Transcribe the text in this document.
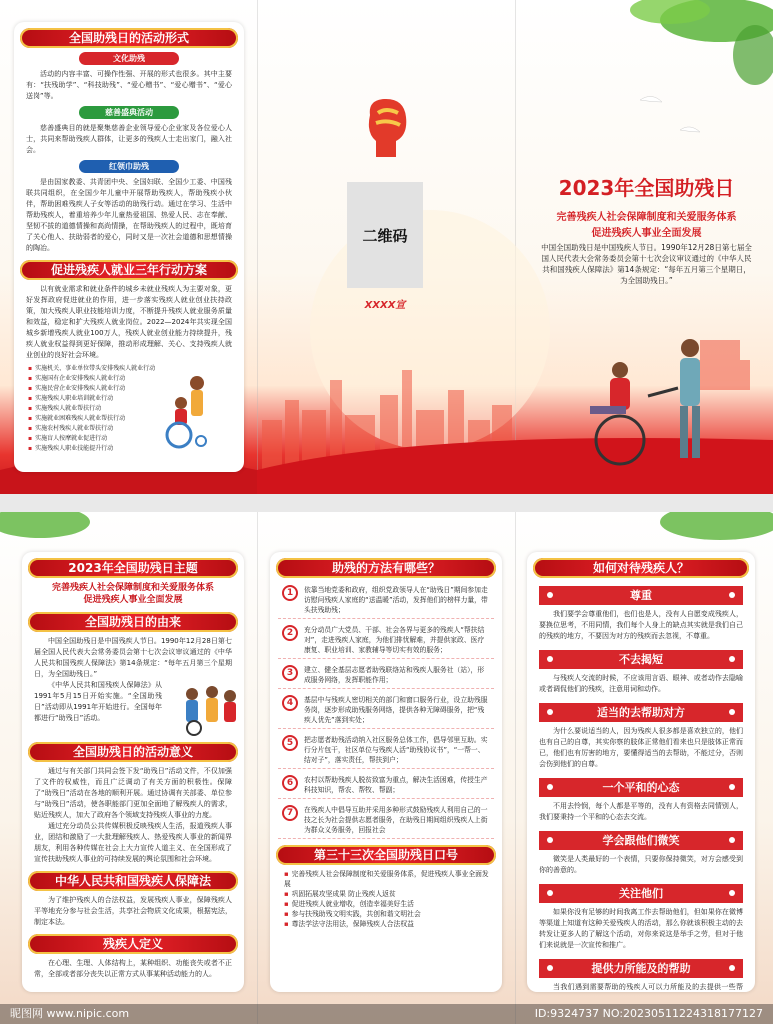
全国助残日的活动形式
文化助残

活动的内容丰富、可操作性强、开展的形式也很多。其中主要有：“扶残助学”、“科技助残”、“爱心赠书”、“爱心赠书”、“爱心送岗”等。

慈善盛典活动

慈善盛典目的就是聚集慈善企业领导爱心企业家及各位爱心人士，共同来帮助残疾人群体，让更多的残疾人士走出家门，融入社会。

红领巾助残

是由国家教委、共青团中央、全国妇联、全国少工委、中国残联共同组织，在全国少年儿童中开展帮助残疾人，帮助残疾小伙伴，帮助困难残疾人子女等活动的助残行动。通过在学习、生活中帮助残疾人，着重培养少年儿童热爱祖国、热爱人民、志在奉献、坚韧不拔的道德情操和高尚情操，在帮助残疾人的过程中，既培育了关心他人、扶助弱者的爱心，同时又是一次社会道德和思想情操的陶冶。

促进残疾人就业三年行动方案

以有就业需求和就业条件的城乡未就业残疾人为主要对象，更好发挥政府促进就业的作用，进一步落实残疾人就业创业扶持政策，加大残疾人职业技能培训力度，不断提升残疾人就业服务质量和效益，稳定和扩大残疾人就业岗位。2022—2024年共实现全国城乡新增残疾人就业100万人，残疾人就业创业能力持续提升，残疾人就业权益得到更好保障，推动形成理解、关心、支持残疾人就业创业的良好社会环境。

▪ 实施机关、事业单位带头安排残疾人就业行动
▪ 实施国有企业安排残疾人就业行动
▪ 实施民营企业安排残疾人就业行动
▪ 实施残疾人职业培训就业行动
▪ 实施残疾人就业帮扶行动
▪ 实施就业困难残疾人就业帮扶行动
▪ 实施农村残疾人就业帮扶行动
▪ 实施盲人按摩就业促进行动
▪ 实施残疾人职业技能提升行动
二维码
XXXX宣
2023年全国助残日
完善残疾人社会保障制度和关爱服务体系
促进残疾人事业全面发展

中国全国助残日是中国残疾人节日。1990年12月28日第七届全国人民代表大会常务委员会第十七次会议审议通过的《中华人民共和国残疾人保障法》第14条规定：“每年五月第三个星期日，为全国助残日。”

2023年全国助残日主题
完善残疾人社会保障制度和关爱服务体系
促进残疾人事业全面发展
全国助残日的由来

中国全国助残日是中国残疾人节日。1990年12月28日第七届全国人民代表大会常务委员会第十七次会议审议通过的《中华人民共和国残疾人保障法》第14条规定：“每年五月第三个星期日，为全国助残日。”

《中华人民共和国残疾人保障法》从1991年5月15日开始实施。“全国助残日”活动即从1991年开始进行。全国每年都进行“助残日”活动。

全国助残日的活动意义

通过与有关部门共同会签下发“助残日”活动文件，不仅加强了文件的权威性，而且广泛调动了有关方面的积极性。保障了“助残日”活动在各地的顺利开展。通过协调有关部委、单位参与“助残日”活动，使各职能部门更加全面地了解残疾人的需求，贴近残疾人，加大了政府各个领域支持残疾人事业的力度。

通过充分动员公共传媒积极反映残疾人生活，报道残疾人事业，团结和激励了一大批理解残疾人、热爱残疾人事业的新闻界朋友，利用各种传媒在社会上大力宣传人道主义、在全国形成了宣传扶助残疾人事业的可持续发展的舆论氛围和社会环境。

中华人民共和国残疾人保障法

为了维护残疾人的合法权益，发展残疾人事业，保障残疾人平等地充分参与社会生活，共享社会物质文化成果，根据宪法，制定本法。

残疾人定义

在心理、生理、人体结构上，某种组织、功能丧失或者不正常，全部或者部分丧失以正常方式从事某种活动能力的人。

助残的方法有哪些？
1	依靠当地党委和政府，组织党政领导人在“助残日”期间参加走访慰问残疾人家庭的“送温暖”活动，发挥他们的榜样力量，带头扶残助残；
2	充分动员广大党员、干部、社会各界与更多的残疾人“帮扶结对”，走进残疾人家庭，为他们排忧解难，并提供家政、医疗康复、职业培训、家教辅导等切实有效的服务；
3	建立、健全基层志愿者助残联络站和残疾人服务社（站），形成服务网络，发挥职能作用；
4	基层中与残疾人密切相关的部门和窗口服务行业，设立助残服务岗，逐步形成助残服务网络，提供各种无障碍服务，把“残疾人优先”落到实处；
5	把志愿者助残活动纳入社区服务总体工作，倡导邻里互助。实行分片包干，社区单位与残疾人活“助残协议书”，“一帮一、结对子”，落实责任，帮扶到户；
6	农村以帮助残疾人脱贫致富为重点，解决生活困难，传授生产科技知识，帮农、帮牧、帮副；
7	在残疾人中倡导互助并采用多种形式鼓励残疾人利用自己的一技之长为社会提供志愿者服务，在助残日期间组织残疾人上街为群众义务服务，回报社会
第三十三次全国助残日口号
▪ 完善残疾人社会保障制度和关爱服务体系，促进残疾人事业全面发展
▪ 巩固拓展攻坚成果 防止残疾人返贫
▪ 促进残疾人就业增收，创造幸福美好生活
▪ 参与扶残助残文明实践，共创和谐文明社会
▪ 尊法学法守法用法，保障残疾人合法权益
如何对待残疾人？
尊重

我们要学会尊重他们，也们也是人，没有人自愿变成残疾人，要换位思考，不用同情，我们每个人身上的缺点其实就是我们自己的残疾的地方，不要因为对方的残疾而去忽视，不尊重。

不去揭短

与残疾人交流的时候，不应该用言语、眼神、或者动作去隐喻或者调侃他们的残疾，注意用词和动作。

适当的去帮助对方

为什么要说适当的人，因为残疾人很多都是喜欢独立的，他们也有自己的自尊，其实你察的肢体正常他们看来也只是肢体正常而已，他们也有厉害的地方，要懂得适当的去帮助，不能过分，否则会伤到他们的自尊。

一个平和的心态

不用去怜悯，每个人都是平等的，没有人有资格去同情别人，我们要秉持一个平和的心态去交流。

学会跟他们微笑

微笑是人类最好的一个表情，只要你保持微笑，对方会感受到你的善意的。

关注他们

如果你没有足够的时间我离工作去帮助他们，但如果你在微博等渠道上知道有这种关爱残疾人的活动，那么你就该积极主动的去转发让更多人的了解这个活动，对你来说这是举手之劳，但对于他们来说就是一次宣传和推广。

提供力所能及的帮助

当我们遇到需要帮助的残疾人可以力所能及的去提供一些帮

昵图网 www.nipic.com	ID:9324737 NO:20230511224318177127
